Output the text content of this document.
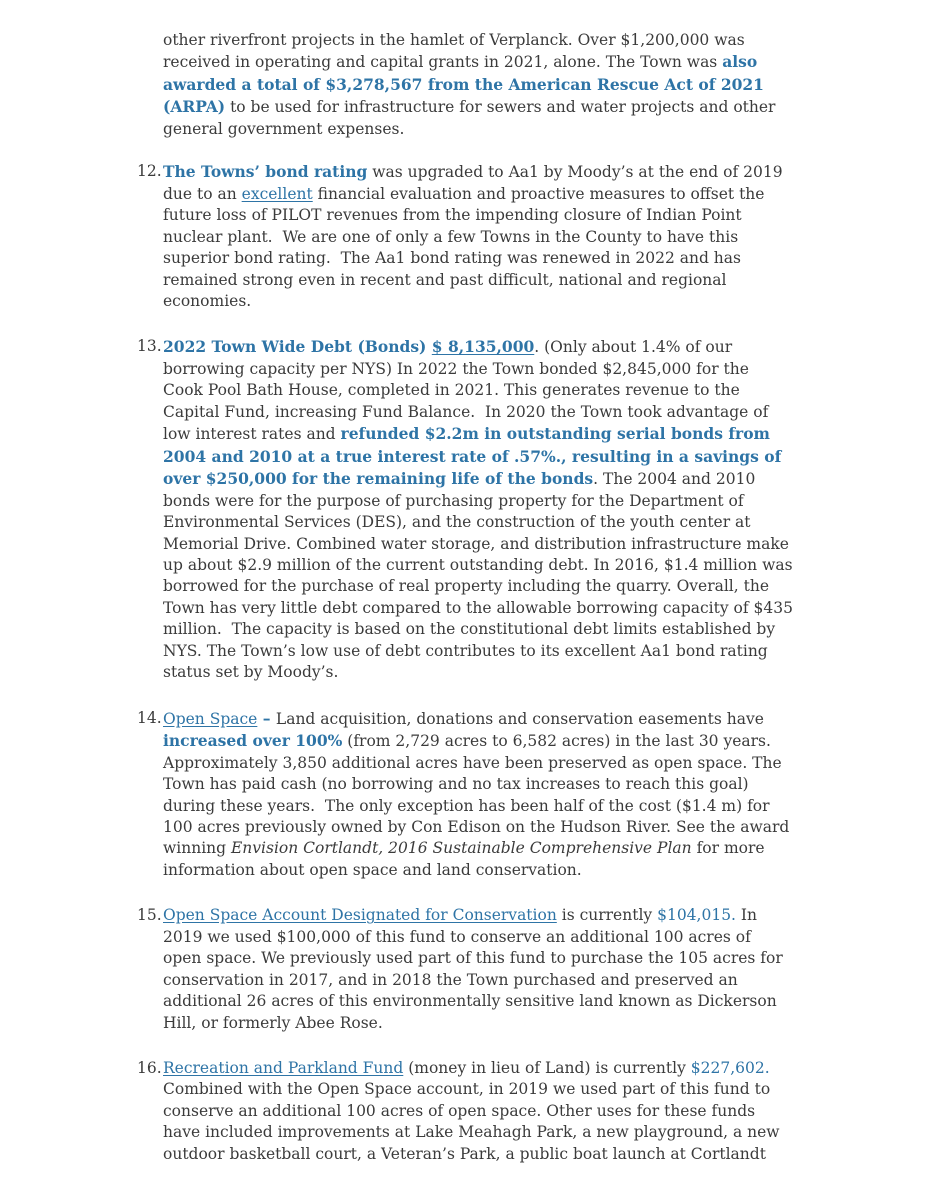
other riverfront projects in the hamlet of Verplanck. Over $1,200,000 was received in operating and capital grants in 2021, alone. The Town was also awarded a total of $3,278,567 from the American Rescue Act of 2021 (ARPA) to be used for infrastructure for sewers and water projects and other general government expenses.

12. The Towns’ bond rating was upgraded to Aa1 by Moody’s at the end of 2019 due to an excellent financial evaluation and proactive measures to offset the future loss of PILOT revenues from the impending closure of Indian Point nuclear plant.  We are one of only a few Towns in the County to have this superior bond rating.  The Aa1 bond rating was renewed in 2022 and has remained strong even in recent and past difficult, national and regional economies.

13. 2022 Town Wide Debt (Bonds) $ 8,135,000. (Only about 1.4% of our borrowing capacity per NYS) In 2022 the Town bonded $2,845,000 for the Cook Pool Bath House, completed in 2021. This generates revenue to the Capital Fund, increasing Fund Balance.  In 2020 the Town took advantage of low interest rates and refunded $2.2m in outstanding serial bonds from 2004 and 2010 at a true interest rate of .57%., resulting in a savings of over $250,000 for the remaining life of the bonds. The 2004 and 2010 bonds were for the purpose of purchasing property for the Department of Environmental Services (DES), and the construction of the youth center at Memorial Drive. Combined water storage, and distribution infrastructure make up about $2.9 million of the current outstanding debt. In 2016, $1.4 million was borrowed for the purchase of real property including the quarry. Overall, the Town has very little debt compared to the allowable borrowing capacity of $435 million.  The capacity is based on the constitutional debt limits established by NYS. The Town’s low use of debt contributes to its excellent Aa1 bond rating status set by Moody’s.

14. Open Space – Land acquisition, donations and conservation easements have increased over 100% (from 2,729 acres to 6,582 acres) in the last 30 years. Approximately 3,850 additional acres have been preserved as open space. The Town has paid cash (no borrowing and no tax increases to reach this goal) during these years.  The only exception has been half of the cost ($1.4 m) for 100 acres previously owned by Con Edison on the Hudson River. See the award winning Envision Cortlandt, 2016 Sustainable Comprehensive Plan for more information about open space and land conservation.

15. Open Space Account Designated for Conservation is currently $104,015. In 2019 we used $100,000 of this fund to conserve an additional 100 acres of open space. We previously used part of this fund to purchase the 105 acres for conservation in 2017, and in 2018 the Town purchased and preserved an additional 26 acres of this environmentally sensitive land known as Dickerson Hill, or formerly Abee Rose.

16. Recreation and Parkland Fund (money in lieu of Land) is currently $227,602. Combined with the Open Space account, in 2019 we used part of this fund to conserve an additional 100 acres of open space. Other uses for these funds have included improvements at Lake Meahagh Park, a new playground, a new outdoor basketball court, a Veteran’s Park, a public boat launch at Cortlandt
